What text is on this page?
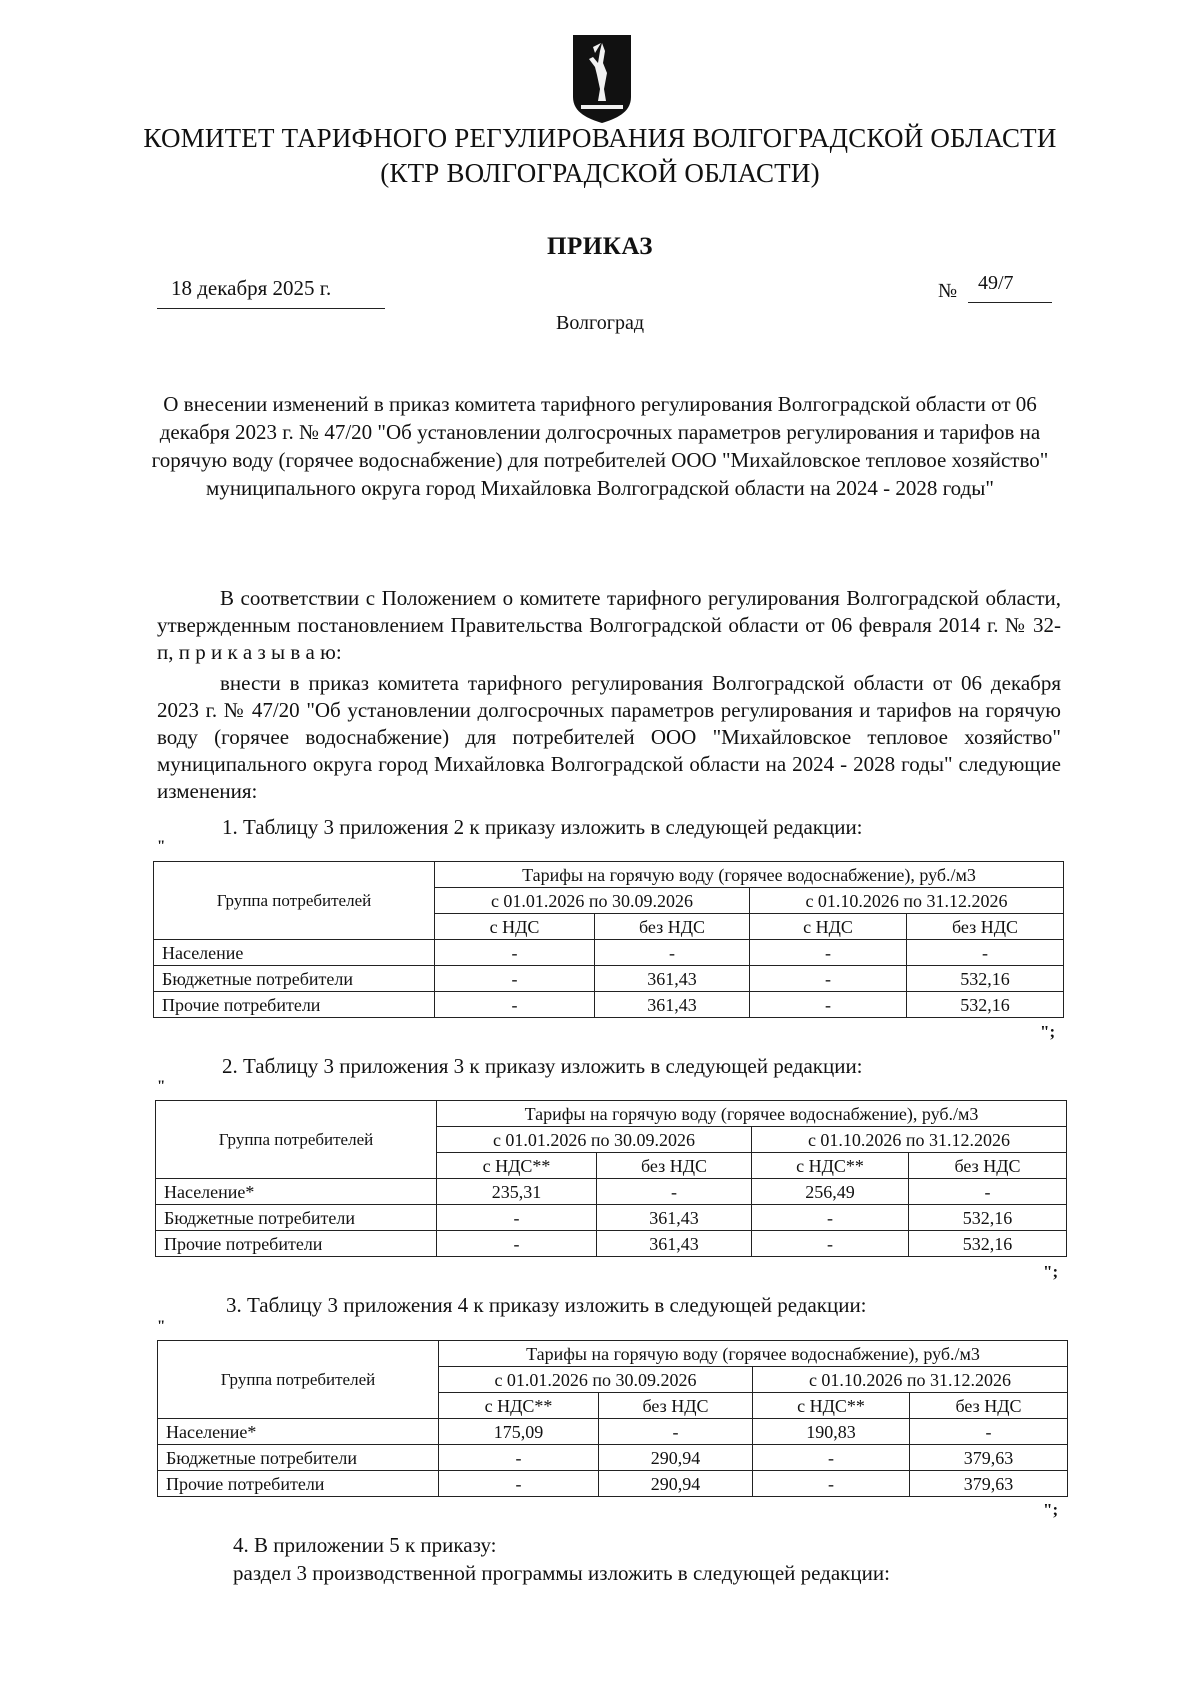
КОМИТЕТ ТАРИФНОГО РЕГУЛИРОВАНИЯ ВОЛГОГРАДСКОЙ ОБЛАСТИ
(КТР ВОЛГОГРАДСКОЙ ОБЛАСТИ)
ПРИКАЗ
18 декабря 2025 г.	№ 49/7
Волгоград
О внесении изменений в приказ комитета тарифного регулирования Волгоградской области от 06 декабря 2023 г. № 47/20 "Об установлении долгосрочных параметров регулирования и тарифов на горячую воду (горячее водоснабжение) для потребителей ООО "Михайловское тепловое хозяйство" муниципального округа город Михайловка Волгоградской области на 2024 - 2028 годы"
В соответствии с Положением о комитете тарифного регулирования Волгоградской области, утвержденным постановлением Правительства Волгоградской области от 06 февраля 2014 г. № 32-п, п р и к а з ы в а ю:
внести в приказ комитета тарифного регулирования Волгоградской области от 06 декабря 2023 г. № 47/20 "Об установлении долгосрочных параметров регулирования и тарифов на горячую воду (горячее водоснабжение) для потребителей ООО "Михайловское тепловое хозяйство" муниципального округа город Михайловка Волгоградской области на 2024 - 2028 годы" следующие изменения:
1. Таблицу 3 приложения 2 к приказу изложить в следующей редакции:
"
Группа потребителей	Тарифы на горячую воду (горячее водоснабжение), руб./м3			
	с 01.01.2026 по 30.09.2026		с 01.10.2026 по 31.12.2026	
	с НДС	без НДС	с НДС	без НДС
Население	-	-	-	-
Бюджетные потребители	-	361,43	-	532,16
Прочие потребители	-	361,43	-	532,16
";
2. Таблицу 3 приложения 3 к приказу изложить в следующей редакции:
"
Группа потребителей	Тарифы на горячую воду (горячее водоснабжение), руб./м3			
	с 01.01.2026 по 30.09.2026		с 01.10.2026 по 31.12.2026	
	с НДС**	без НДС	с НДС**	без НДС
Население*	235,31	-	256,49	-
Бюджетные потребители	-	361,43	-	532,16
Прочие потребители	-	361,43	-	532,16
";
3. Таблицу 3 приложения 4 к приказу изложить в следующей редакции:
"
Группа потребителей	Тарифы на горячую воду (горячее водоснабжение), руб./м3			
	с 01.01.2026 по 30.09.2026		с 01.10.2026 по 31.12.2026	
	с НДС**	без НДС	с НДС**	без НДС
Население*	175,09	-	190,83	-
Бюджетные потребители	-	290,94	-	379,63
Прочие потребители	-	290,94	-	379,63
";
4. В приложении 5 к приказу:
раздел 3 производственной программы изложить в следующей редакции:
